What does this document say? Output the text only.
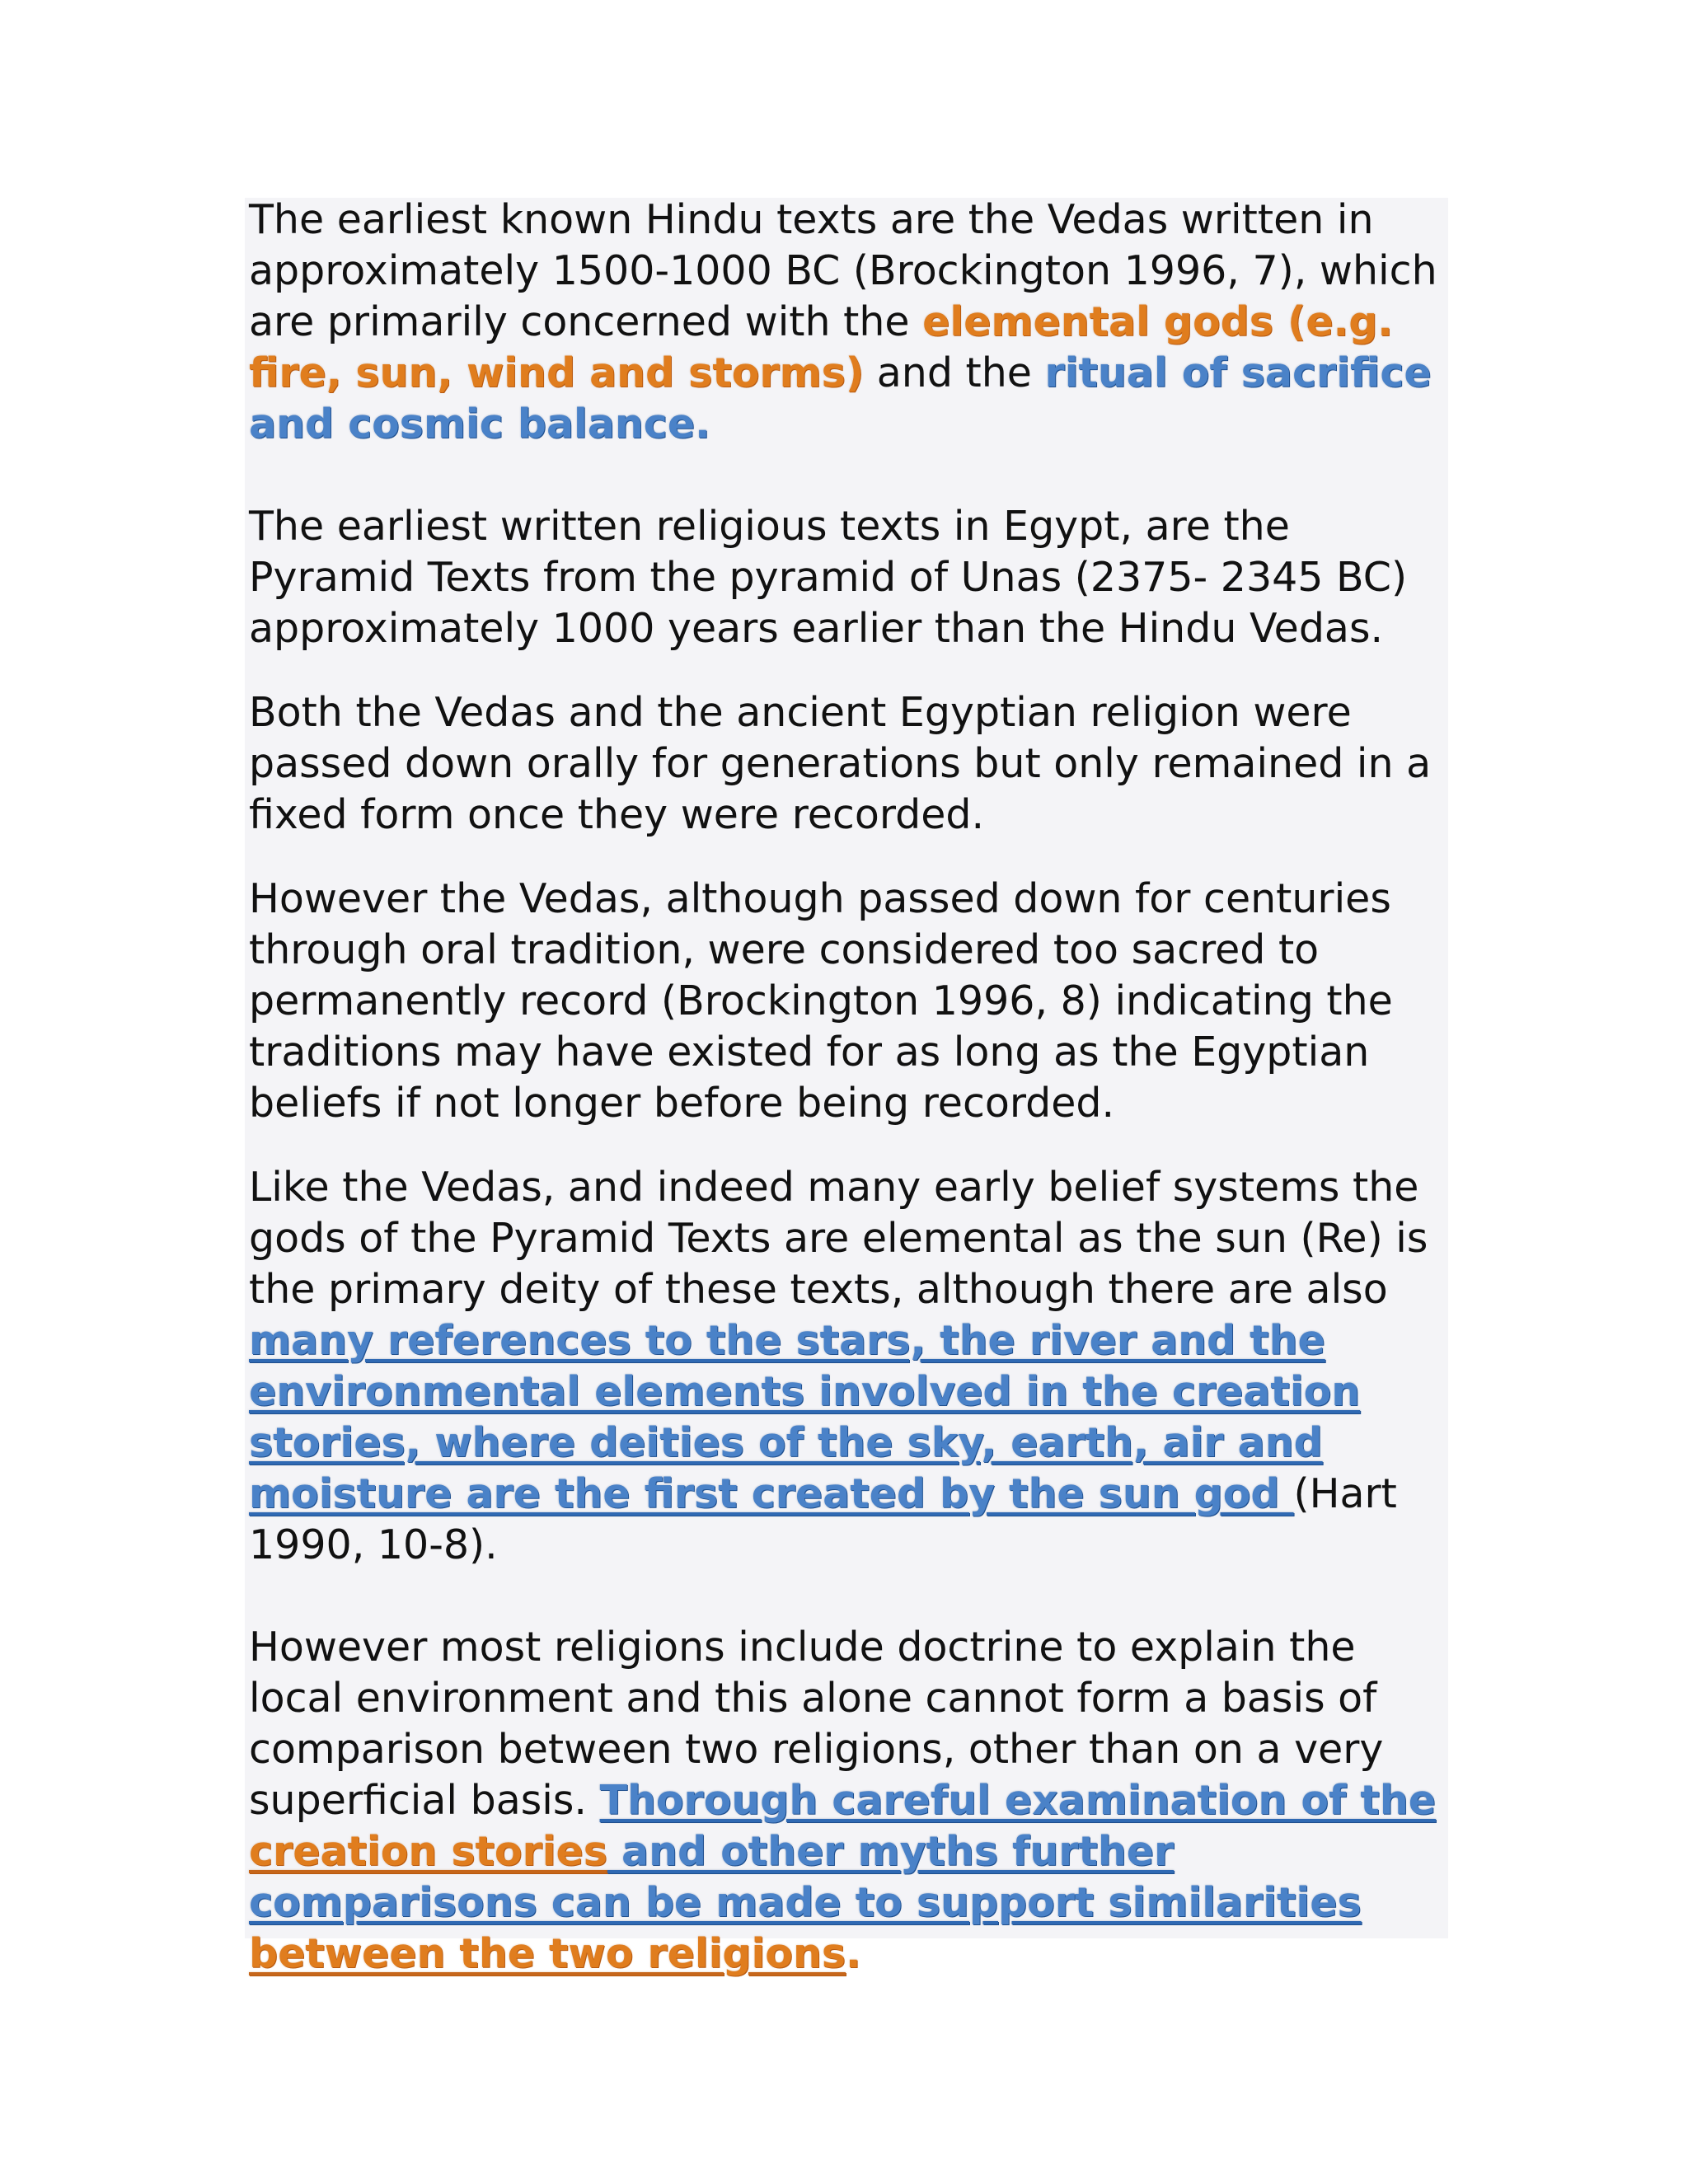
The earliest known Hindu texts are the Vedas written in approximately 1500-1000 BC (Brockington 1996, 7), which are primarily concerned with the elemental gods (e.g. fire, sun, wind and storms) and the ritual of sacrifice and cosmic balance.

The earliest written religious texts in Egypt, are the Pyramid Texts from the pyramid of Unas (2375- 2345 BC) approximately 1000 years earlier than the Hindu Vedas.

Both the Vedas and the ancient Egyptian religion were passed down orally for generations but only remained in a fixed form once they were recorded.

However the Vedas, although passed down for centuries through oral tradition, were considered too sacred to permanently record (Brockington 1996, 8) indicating the traditions may have existed for as long as the Egyptian beliefs if not longer before being recorded.

Like the Vedas, and indeed many early belief systems the gods of the Pyramid Texts are elemental as the sun (Re) is the primary deity of these texts, although there are also many references to the stars, the river and the environmental elements involved in the creation stories, where deities of the sky, earth, air and moisture are the first created by the sun god (Hart 1990, 10-8).

However most religions include doctrine to explain the local environment and this alone cannot form a basis of comparison between two religions, other than on a very superficial basis. Thorough careful examination of the creation stories and other myths further comparisons can be made to support similarities between the two religions.
